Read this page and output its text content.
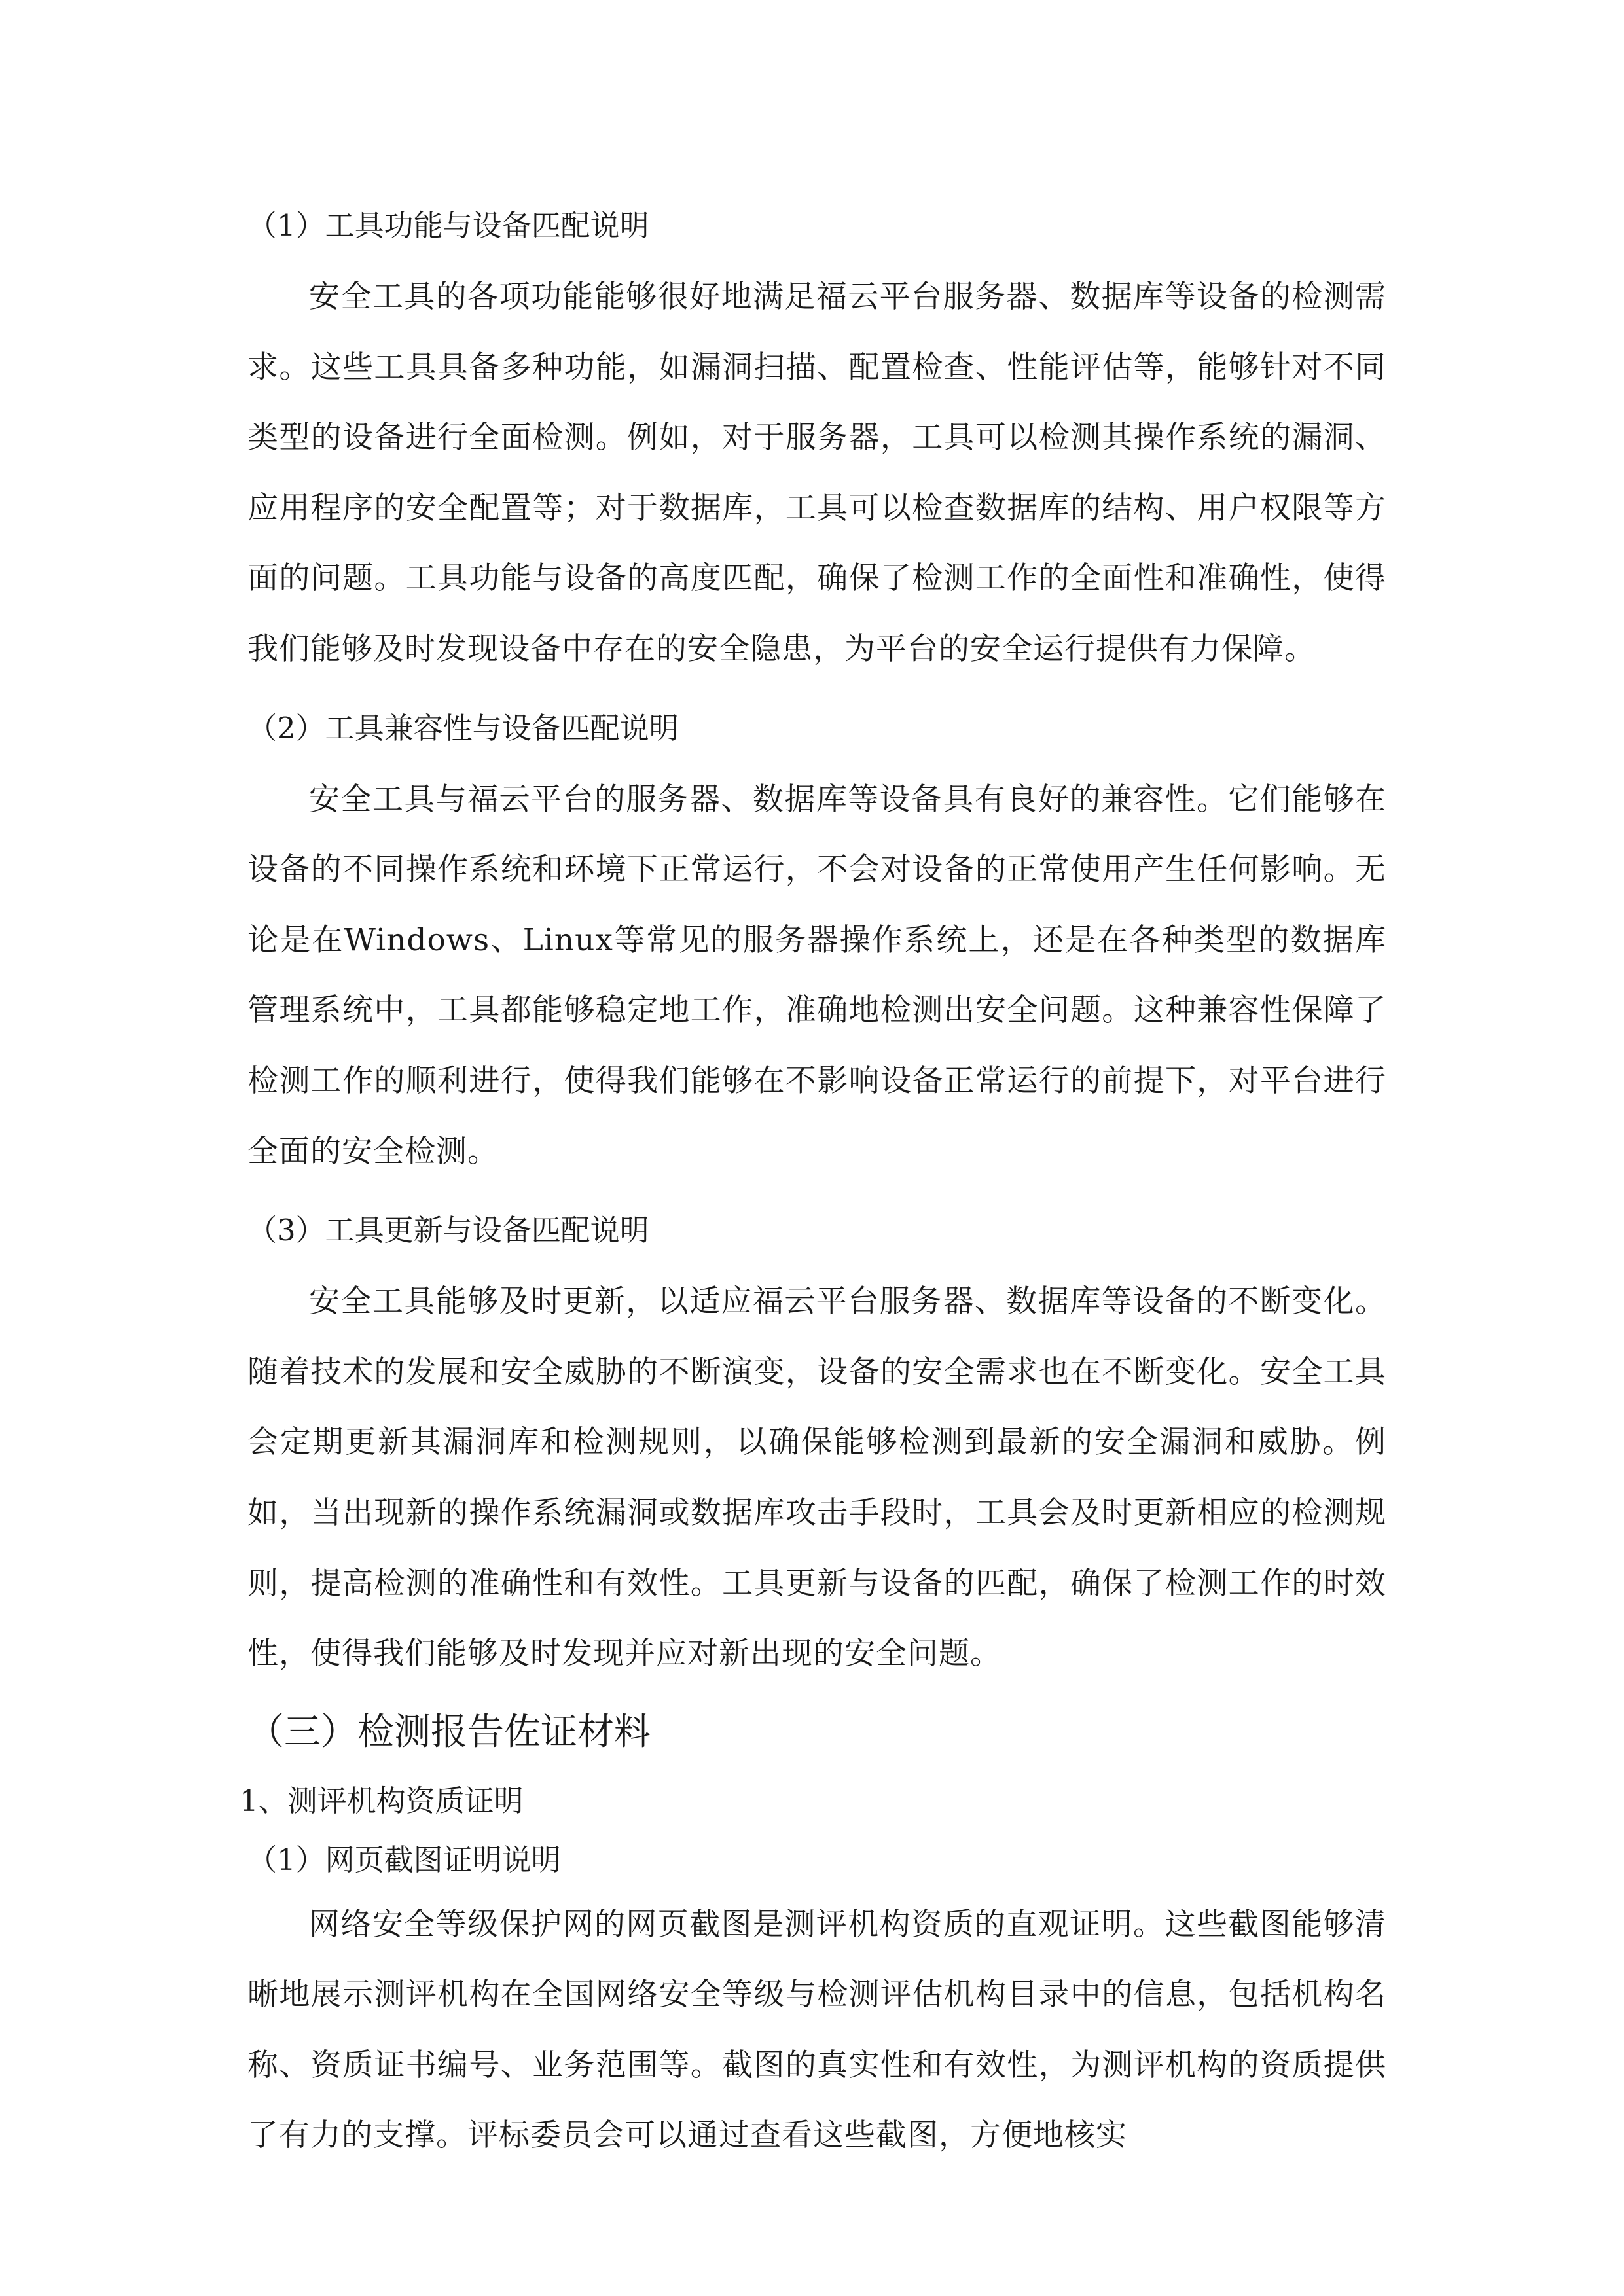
（1）工具功能与设备匹配说明

安全工具的各项功能能够很好地满足福云平台服务器、数据库等设备的检测需求。这些工具具备多种功能，如漏洞扫描、配置检查、性能评估等，能够针对不同类型的设备进行全面检测。例如，对于服务器，工具可以检测其操作系统的漏洞、应用程序的安全配置等；对于数据库，工具可以检查数据库的结构、用户权限等方面的问题。工具功能与设备的高度匹配，确保了检测工作的全面性和准确性，使得我们能够及时发现设备中存在的安全隐患，为平台的安全运行提供有力保障。

（2）工具兼容性与设备匹配说明

安全工具与福云平台的服务器、数据库等设备具有良好的兼容性。它们能够在设备的不同操作系统和环境下正常运行，不会对设备的正常使用产生任何影响。无论是在Windows、Linux等常见的服务器操作系统上，还是在各种类型的数据库管理系统中，工具都能够稳定地工作，准确地检测出安全问题。这种兼容性保障了检测工作的顺利进行，使得我们能够在不影响设备正常运行的前提下，对平台进行全面的安全检测。

（3）工具更新与设备匹配说明

安全工具能够及时更新，以适应福云平台服务器、数据库等设备的不断变化。随着技术的发展和安全威胁的不断演变，设备的安全需求也在不断变化。安全工具会定期更新其漏洞库和检测规则，以确保能够检测到最新的安全漏洞和威胁。例如，当出现新的操作系统漏洞或数据库攻击手段时，工具会及时更新相应的检测规则，提高检测的准确性和有效性。工具更新与设备的匹配，确保了检测工作的时效性，使得我们能够及时发现并应对新出现的安全问题。

（三）检测报告佐证材料

1、测评机构资质证明

（1）网页截图证明说明

网络安全等级保护网的网页截图是测评机构资质的直观证明。这些截图能够清晰地展示测评机构在全国网络安全等级与检测评估机构目录中的信息，包括机构名称、资质证书编号、业务范围等。截图的真实性和有效性，为测评机构的资质提供了有力的支撑。评标委员会可以通过查看这些截图，方便地核实
